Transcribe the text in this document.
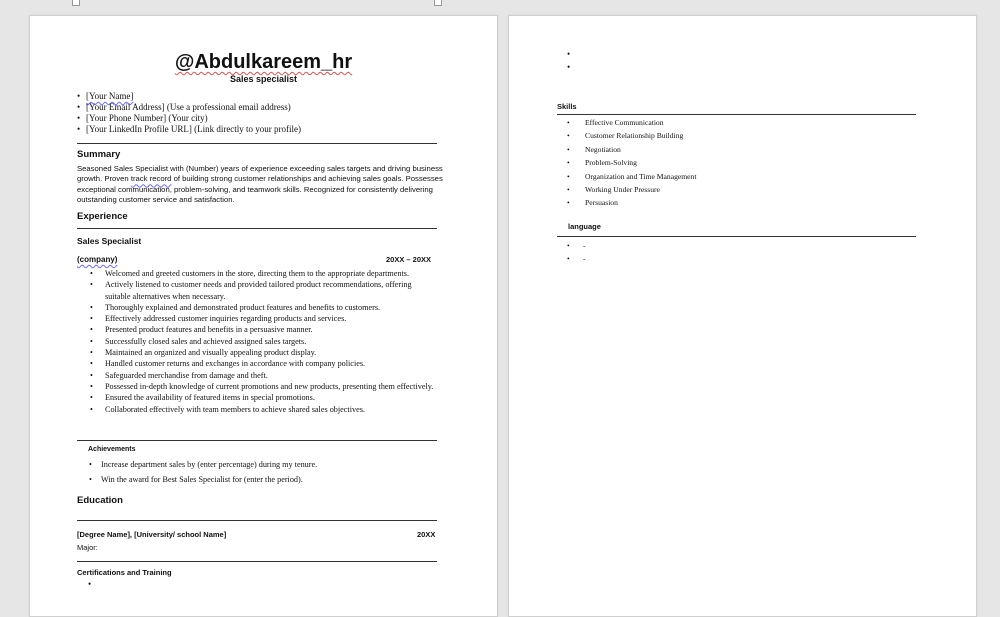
@Abdulkareem_hr
Sales specialist
• [Your Name]
• [Your Email Address] (Use a professional email address)
• [Your Phone Number] (Your city)
• [Your LinkedIn Profile URL] (Link directly to your profile)
Summary
Seasoned Sales Specialist with (Number) years of experience exceeding sales targets and driving business growth. Proven track record of building strong customer relationships and achieving sales goals. Possesses exceptional communication, problem-solving, and teamwork skills. Recognized for consistently delivering outstanding customer service and satisfaction.
Experience
Sales Specialist
(company)	20XX – 20XX
• Welcomed and greeted customers in the store, directing them to the appropriate departments.
• Actively listened to customer needs and provided tailored product recommendations, offering suitable alternatives when necessary.
• Thoroughly explained and demonstrated product features and benefits to customers.
• Effectively addressed customer inquiries regarding products and services.
• Presented product features and benefits in a persuasive manner.
• Successfully closed sales and achieved assigned sales targets.
• Maintained an organized and visually appealing product display.
• Handled customer returns and exchanges in accordance with company policies.
• Safeguarded merchandise from damage and theft.
• Possessed in-depth knowledge of current promotions and new products, presenting them effectively.
• Ensured the availability of featured items in special promotions.
• Collaborated effectively with team members to achieve shared sales objectives.
Achievements
• Increase department sales by (enter percentage) during my tenure.
• Win the award for Best Sales Specialist for (enter the period).
Education
[Degree Name], [University/ school Name]	20XX
Major:
Certifications and Training
•
•
•
Skills
• Effective Communication
• Customer Relationship Building
• Negotiation
• Problem-Solving
• Organization and Time Management
• Working Under Pressure
• Persuasion
language
• -
• -
